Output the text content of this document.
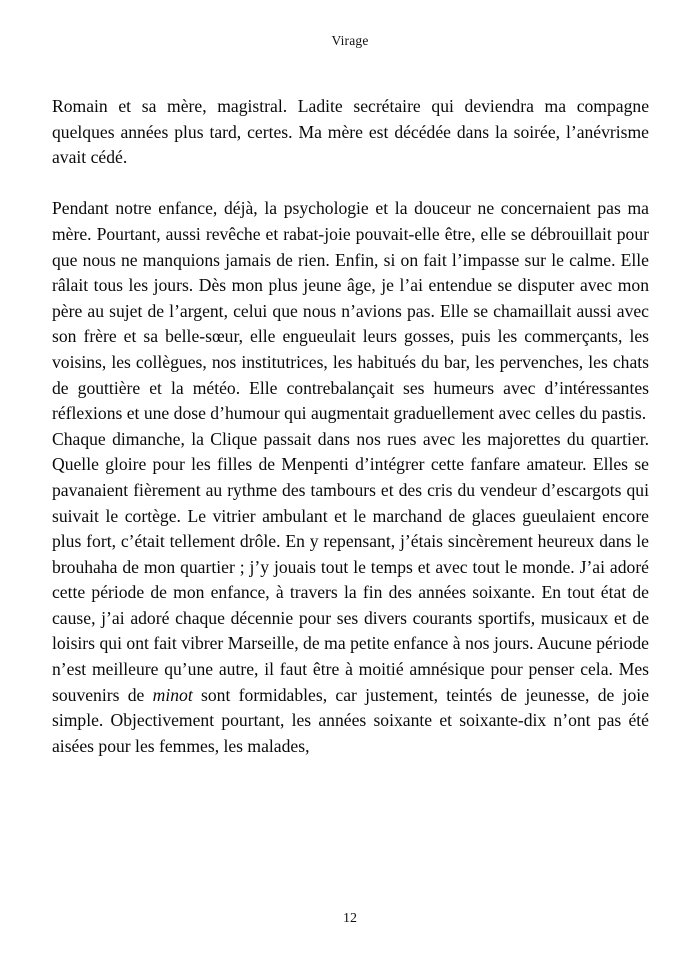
Virage

Romain et sa mère, magistral. Ladite secrétaire qui deviendra ma compagne quelques années plus tard, certes. Ma mère est décédée dans la soirée, l’anévrisme avait cédé.

Pendant notre enfance, déjà, la psychologie et la douceur ne concernaient pas ma mère. Pourtant, aussi revêche et rabat-joie pouvait-elle être, elle se débrouillait pour que nous ne manquions jamais de rien. Enfin, si on fait l’impasse sur le calme. Elle râlait tous les jours. Dès mon plus jeune âge, je l’ai entendue se disputer avec mon père au sujet de l’argent, celui que nous n’avions pas. Elle se chamaillait aussi avec son frère et sa belle-sœur, elle engueulait leurs gosses, puis les commerçants, les voisins, les collègues, nos institutrices, les habitués du bar, les pervenches, les chats de gouttière et la météo. Elle contrebalançait ses humeurs avec d’intéressantes réflexions et une dose d’humour qui augmentait graduellement avec celles du pastis.

Chaque dimanche, la Clique passait dans nos rues avec les majorettes du quartier. Quelle gloire pour les filles de Menpenti d’intégrer cette fanfare amateur. Elles se pavanaient fièrement au rythme des tambours et des cris du vendeur d’escargots qui suivait le cortège. Le vitrier ambulant et le marchand de glaces gueulaient encore plus fort, c’était tellement drôle. En y repensant, j’étais sincèrement heureux dans le brouhaha de mon quartier ; j’y jouais tout le temps et avec tout le monde. J’ai adoré cette période de mon enfance, à travers la fin des années soixante. En tout état de cause, j’ai adoré chaque décennie pour ses divers courants sportifs, musicaux et de loisirs qui ont fait vibrer Marseille, de ma petite enfance à nos jours. Aucune période n’est meilleure qu’une autre, il faut être à moitié amnésique pour penser cela. Mes souvenirs de minot sont formidables, car justement, teintés de jeunesse, de joie simple. Objectivement pourtant, les années soixante et soixante-dix n’ont pas été aisées pour les femmes, les malades,

12
